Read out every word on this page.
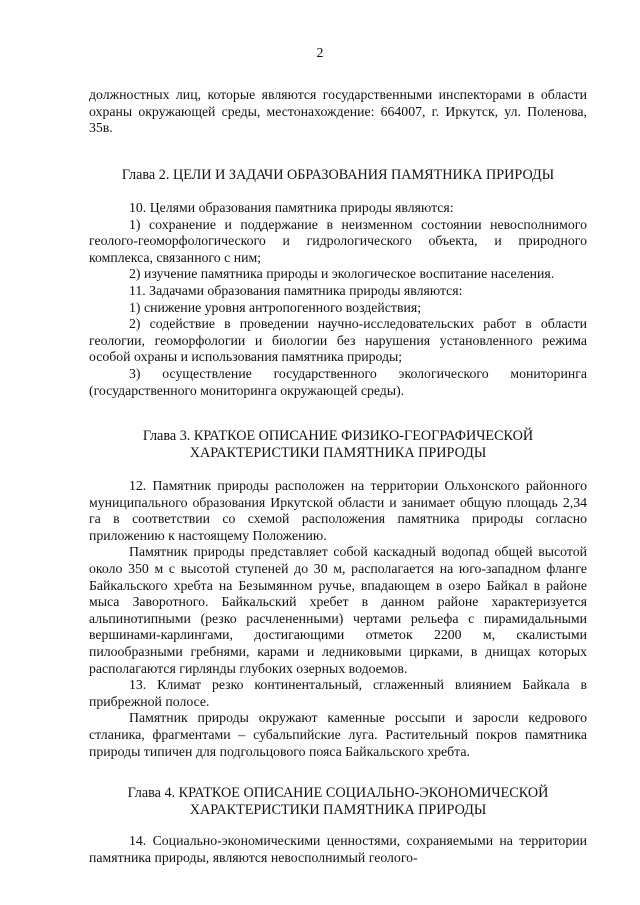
2

должностных лиц, которые являются государственными инспекторами в области охраны окружающей среды, местонахождение: 664007, г. Иркутск, ул. Поленова, 35в.

Глава 2. ЦЕЛИ И ЗАДАЧИ ОБРАЗОВАНИЯ ПАМЯТНИКА ПРИРОДЫ

10. Целями образования памятника природы являются:

1) сохранение и поддержание в неизменном состоянии невосполнимого геолого-геоморфологического и гидрологического объекта, и природного комплекса, связанного с ним;

2) изучение памятника природы и экологическое воспитание населения.

11. Задачами образования памятника природы являются:

1) снижение уровня антропогенного воздействия;

2) содействие в проведении научно-исследовательских работ в области геологии, геоморфологии и биологии без нарушения установленного режима особой охраны и использования памятника природы;

3) осуществление государственного экологического мониторинга (государственного мониторинга окружающей среды).

Глава 3. КРАТКОЕ ОПИСАНИЕ ФИЗИКО-ГЕОГРАФИЧЕСКОЙ

ХАРАКТЕРИСТИКИ ПАМЯТНИКА ПРИРОДЫ

12. Памятник природы расположен на территории Ольхонского районного муниципального образования Иркутской области и занимает общую площадь 2,34 га в соответствии со схемой расположения памятника природы согласно приложению к настоящему Положению.

Памятник природы представляет собой каскадный водопад общей высотой около 350 м с высотой ступеней до 30 м, располагается на юго-западном фланге Байкальского хребта на Безымянном ручье, впадающем в озеро Байкал в районе мыса Заворотного. Байкальский хребет в данном районе характеризуется альпинотипными (резко расчлененными) чертами рельефа с пирамидальными вершинами-карлингами, достигающими отметок 2200 м, скалистыми пилообразными гребнями, карами и ледниковыми цирками, в днищах которых располагаются гирлянды глубоких озерных водоемов.

13. Климат резко континентальный, сглаженный влиянием Байкала в прибрежной полосе.

Памятник природы окружают каменные россыпи и заросли кедрового стланика, фрагментами – субальпийские луга. Растительный покров памятника природы типичен для подгольцового пояса Байкальского хребта.

Глава 4. КРАТКОЕ ОПИСАНИЕ СОЦИАЛЬНО-ЭКОНОМИЧЕСКОЙ

ХАРАКТЕРИСТИКИ ПАМЯТНИКА ПРИРОДЫ

14. Социально-экономическими ценностями, сохраняемыми на территории памятника природы, являются невосполнимый геолого-
